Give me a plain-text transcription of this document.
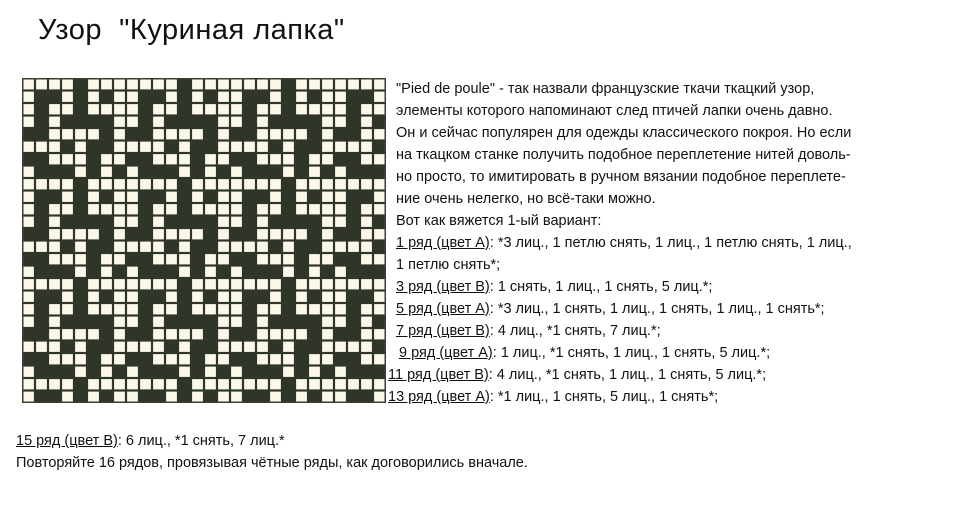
Узор  "Куриная лапка"

"Pied de poule" - так назвали французские ткачи ткацкий узор,

элементы которого напоминают след птичей лапки очень давно.

Он и сейчас популярен для одежды классического покроя. Но если

на ткацком станке получить подобное переплетение нитей доволь-

но просто, то имитировать в ручном вязании подобное переплете-

ние очень нелегко, но всё-таки можно.

Вот как вяжется 1-ый вариант:

1 ряд (цвет А): *3 лиц., 1 петлю снять, 1 лиц., 1 петлю снять, 1 лиц.,

1 петлю снять*;

3 ряд (цвет В): 1 снять, 1 лиц., 1 снять, 5 лиц.*;

5 ряд (цвет А): *3 лиц., 1 снять, 1 лиц., 1 снять, 1 лиц., 1 снять*;

7 ряд (цвет В): 4 лиц., *1 снять, 7 лиц.*;

9 ряд (цвет А): 1 лиц., *1 снять, 1 лиц., 1 снять, 5 лиц.*;

11 ряд (цвет В): 4 лиц., *1 снять, 1 лиц., 1 снять, 5 лиц.*;

13 ряд (цвет А): *1 лиц., 1 снять, 5 лиц., 1 снять*;

15 ряд (цвет В): 6 лиц., *1 снять, 7 лиц.*

Повторяйте 16 рядов, провязывая чётные ряды, как договорились вначале.
